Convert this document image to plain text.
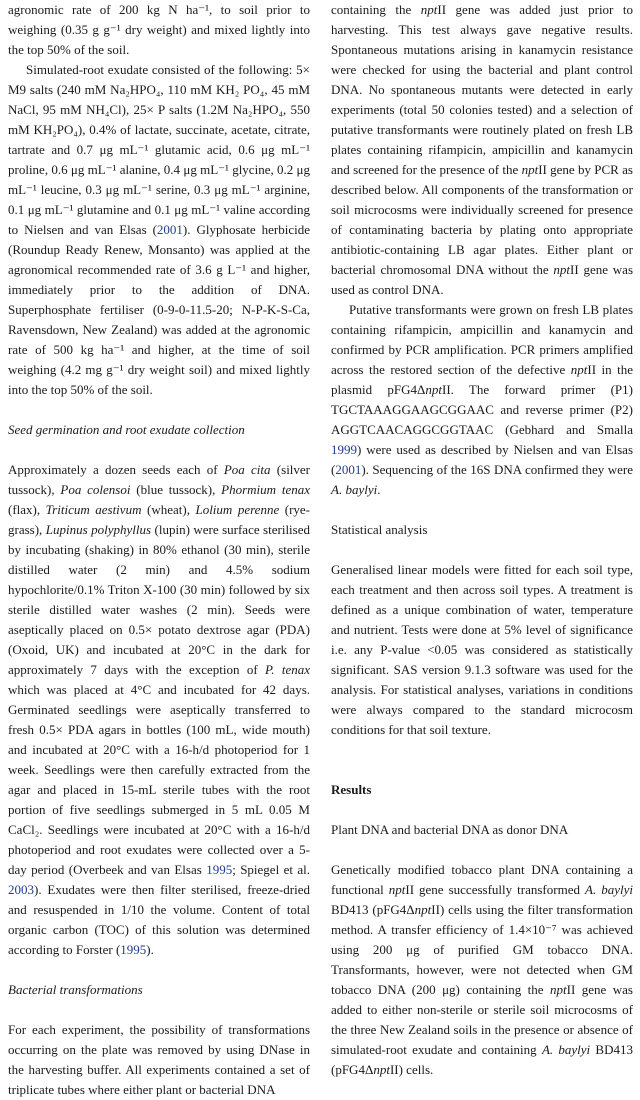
agronomic rate of 200 kg N ha⁻¹, to soil prior to weighing (0.35 g g⁻¹ dry weight) and mixed lightly into the top 50% of the soil.

Simulated-root exudate consisted of the following: 5× M9 salts (240 mM Na₂HPO₄, 110 mM KH₂ PO₄, 45 mM NaCl, 95 mM NH₄Cl), 25× P salts (1.2M Na₂HPO₄, 550 mM KH₂PO₄), 0.4% of lactate, succinate, acetate, citrate, tartrate and 0.7 μg mL⁻¹ glutamic acid, 0.6 μg mL⁻¹ proline, 0.6 μg mL⁻¹ alanine, 0.4 μg mL⁻¹ glycine, 0.2 μg mL⁻¹ leucine, 0.3 μg mL⁻¹ serine, 0.3 μg mL⁻¹ arginine, 0.1 μg mL⁻¹ glutamine and 0.1 μg mL⁻¹ valine according to Nielsen and van Elsas (2001). Glyphosate herbicide (Roundup Ready Renew, Monsanto) was applied at the agronomical recommended rate of 3.6 g L⁻¹ and higher, immediately prior to the addition of DNA. Superphosphate fertiliser (0-9-0-11.5-20; N-P-K-S-Ca, Ravensdown, New Zealand) was added at the agronomic rate of 500 kg ha⁻¹ and higher, at the time of soil weighing (4.2 mg g⁻¹ dry weight soil) and mixed lightly into the top 50% of the soil.

Seed germination and root exudate collection

Approximately a dozen seeds each of Poa cita (silver tussock), Poa colensoi (blue tussock), Phormium tenax (flax), Triticum aestivum (wheat), Lolium perenne (rye-grass), Lupinus polyphyllus (lupin) were surface sterilised by incubating (shaking) in 80% ethanol (30 min), sterile distilled water (2 min) and 4.5% sodium hypochlorite/0.1% Triton X-100 (30 min) followed by six sterile distilled water washes (2 min). Seeds were aseptically placed on 0.5× potato dextrose agar (PDA) (Oxoid, UK) and incubated at 20°C in the dark for approximately 7 days with the exception of P. tenax which was placed at 4°C and incubated for 42 days. Germinated seedlings were aseptically transferred to fresh 0.5× PDA agars in bottles (100 mL, wide mouth) and incubated at 20°C with a 16-h/d photoperiod for 1 week. Seedlings were then carefully extracted from the agar and placed in 15-mL sterile tubes with the root portion of five seedlings submerged in 5 mL 0.05 M CaCl₂. Seedlings were incubated at 20°C with a 16-h/d photoperiod and root exudates were collected over a 5-day period (Overbeek and van Elsas 1995; Spiegel et al. 2003). Exudates were then filter sterilised, freeze-dried and resuspended in 1/10 the volume. Content of total organic carbon (TOC) of this solution was determined according to Forster (1995).

Bacterial transformations

For each experiment, the possibility of transformations occurring on the plate was removed by using DNase in the harvesting buffer. All experiments contained a set of triplicate tubes where either plant or bacterial DNA

containing the nptII gene was added just prior to harvesting. This test always gave negative results. Spontaneous mutations arising in kanamycin resistance were checked for using the bacterial and plant control DNA. No spontaneous mutants were detected in early experiments (total 50 colonies tested) and a selection of putative transformants were routinely plated on fresh LB plates containing rifampicin, ampicillin and kanamycin and screened for the presence of the nptII gene by PCR as described below. All components of the transformation or soil microcosms were individually screened for presence of contaminating bacteria by plating onto appropriate antibiotic-containing LB agar plates. Either plant or bacterial chromosomal DNA without the nptII gene was used as control DNA.

Putative transformants were grown on fresh LB plates containing rifampicin, ampicillin and kanamycin and confirmed by PCR amplification. PCR primers amplified across the restored section of the defective nptII in the plasmid pFG4ΔnptII. The forward primer (P1) TGCTAAAGGAAGCGGAAC and reverse primer (P2) AGGTCAACAGGCGGTAAC (Gebhard and Smalla 1999) were used as described by Nielsen and van Elsas (2001). Sequencing of the 16S DNA confirmed they were A. baylyi.

Statistical analysis

Generalised linear models were fitted for each soil type, each treatment and then across soil types. A treatment is defined as a unique combination of water, temperature and nutrient. Tests were done at 5% level of significance i.e. any P-value <0.05 was considered as statistically significant. SAS version 9.1.3 software was used for the analysis. For statistical analyses, variations in conditions were always compared to the standard microcosm conditions for that soil texture.

Results

Plant DNA and bacterial DNA as donor DNA

Genetically modified tobacco plant DNA containing a functional nptII gene successfully transformed A. baylyi BD413 (pFG4ΔnptII) cells using the filter transformation method. A transfer efficiency of 1.4×10⁻⁷ was achieved using 200 μg of purified GM tobacco DNA. Transformants, however, were not detected when GM tobacco DNA (200 μg) containing the nptII gene was added to either non-sterile or sterile soil microcosms of the three New Zealand soils in the presence or absence of simulated-root exudate and containing A. baylyi BD413 (pFG4ΔnptII) cells.
